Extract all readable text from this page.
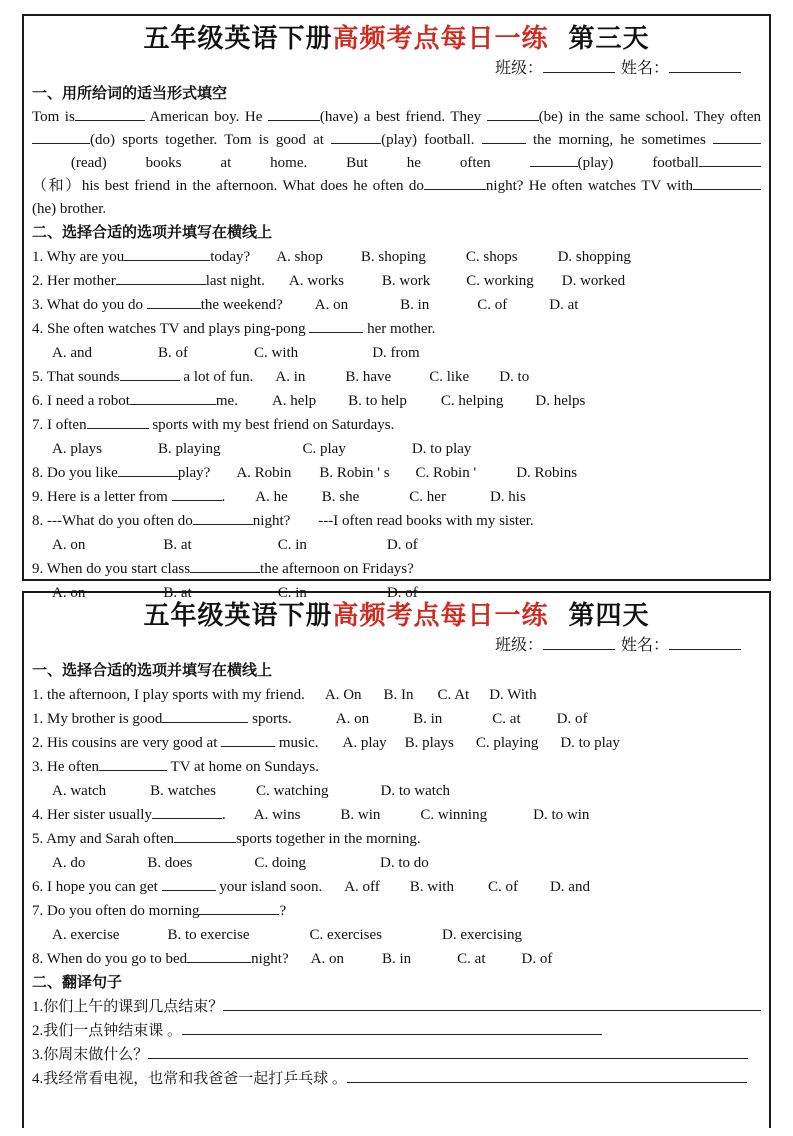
五年级英语下册高频考点每日一练 第三天
班级：	姓名：
一、用所给词的适当形式填空
Tom is	American boy. He	(have) a best friend. They	(be) in the same school. They often(do) sports together. Tom is good at	(play) football.	the morning, he sometimes  (read) books at home. But he often	(play) football（和）his best friend in the afternoon. What does he often do	night? He often watches TV with(he) brother.
二、选择合适的选项并填写在横线上
1. Why are you	today? A. shop	B. shoping	C. shops	D. shopping
2. Her mother	last night. A. works	B. work C. working D. worked
3. What do you do	the weekend? A. on	B. in	C. of	D. at
4. She often watches TV and plays ping-pong	her mother.
A. and	B. of	C. with	D. from
5. That sounds	a lot of fun. A. in	B. have	C. like D. to
6. I need a robot	me. A. help B. to help C. helping D. helps
7. I often	sports with my best friend on Saturdays.
A. plays	B. playing	C. play	D. to play
8. Do you like	play? A. Robin B. Robin ' s C. Robin '	D. Robins
9. Here is a letter from	. A. he B. she	C. her	D. his
8. ---What do you often do	night? ---I often read books with my sister.
A. on	B. at	C. in	D. of
9. When do you start class	the afternoon on Fridays?
A. on	B. at	C. in	D. of
五年级英语下册高频考点每日一练 第四天
班级：	姓名：
一、选择合适的选项并填写在横线上
1. the afternoon, I play sports with my friend. A. On B. In C. At D. With
1. My brother is good	sports.	A. on	B. in	C. at D. of
2. His cousins are very good at	music. A. play B. plays C. playing D. to play
3. He often	TV at home on Sundays.
A. watch	B. watches	C. watching	D. to watch
4. Her sister usually	. A. wins	B. win	C. winning	D. to win
5. Amy and Sarah often	sports together in the morning.
A. do	B. does	C. doing	D. to do
6. I hope you can get	your island soon. A. off B. with C. of D. and
7. Do you often do morning	?
A. exercise	B. to exercise	C. exercises	D. exercising
8. When do you go to bed	night? A. on	B. in	C. at D. of
二、翻译句子
1.你们上午的课到几点结束？
2.我们一点钟结束课 。
3.你周末做什么？
4.我经常看电视，也常和我爸爸一起打乒乓球 。
